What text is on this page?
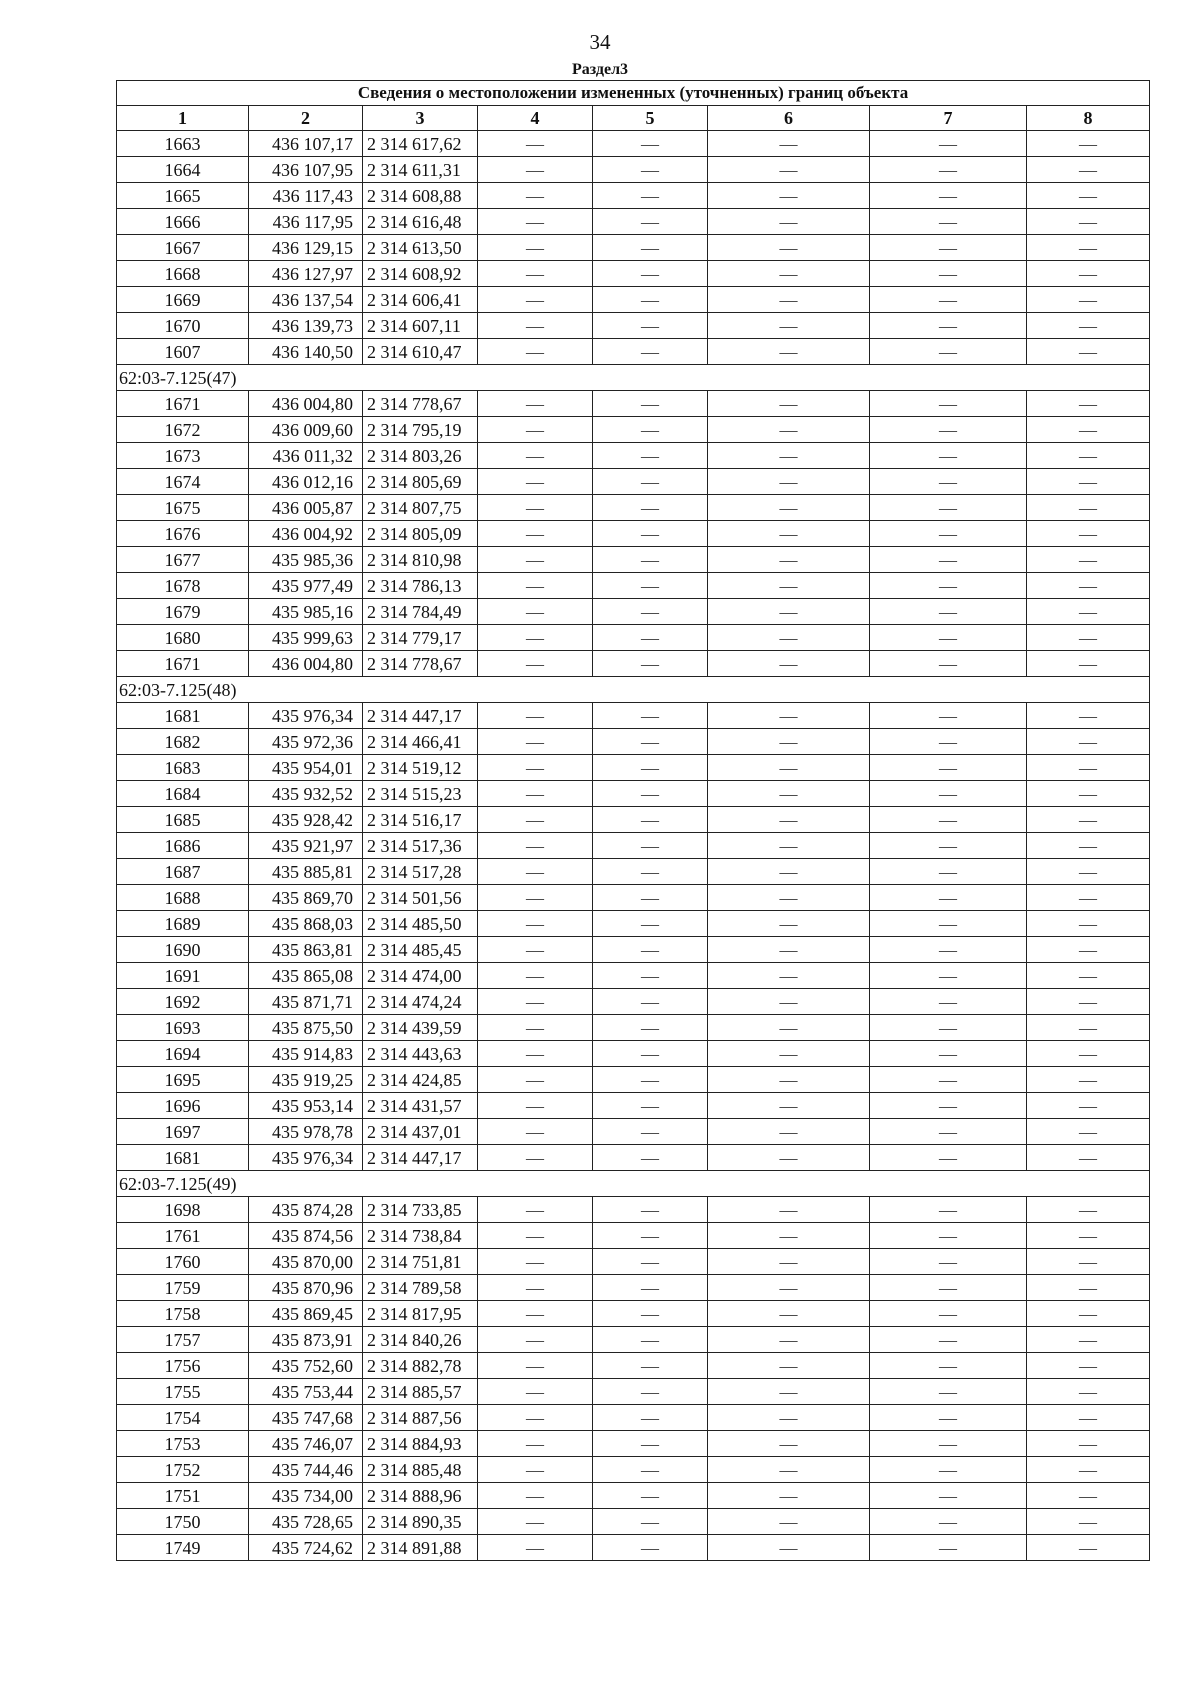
34
Раздел3
Сведения о местоположении измененных (уточненных) границ объекта							
1	2	3	4	5	6	7	8
1663	436 107,17	2 314 617,62	—	—	—	—	—
1664	436 107,95	2 314 611,31	—	—	—	—	—
1665	436 117,43	2 314 608,88	—	—	—	—	—
1666	436 117,95	2 314 616,48	—	—	—	—	—
1667	436 129,15	2 314 613,50	—	—	—	—	—
1668	436 127,97	2 314 608,92	—	—	—	—	—
1669	436 137,54	2 314 606,41	—	—	—	—	—
1670	436 139,73	2 314 607,11	—	—	—	—	—
1607	436 140,50	2 314 610,47	—	—	—	—	—
62:03-7.125(47)							
1671	436 004,80	2 314 778,67	—	—	—	—	—
1672	436 009,60	2 314 795,19	—	—	—	—	—
1673	436 011,32	2 314 803,26	—	—	—	—	—
1674	436 012,16	2 314 805,69	—	—	—	—	—
1675	436 005,87	2 314 807,75	—	—	—	—	—
1676	436 004,92	2 314 805,09	—	—	—	—	—
1677	435 985,36	2 314 810,98	—	—	—	—	—
1678	435 977,49	2 314 786,13	—	—	—	—	—
1679	435 985,16	2 314 784,49	—	—	—	—	—
1680	435 999,63	2 314 779,17	—	—	—	—	—
1671	436 004,80	2 314 778,67	—	—	—	—	—
62:03-7.125(48)							
1681	435 976,34	2 314 447,17	—	—	—	—	—
1682	435 972,36	2 314 466,41	—	—	—	—	—
1683	435 954,01	2 314 519,12	—	—	—	—	—
1684	435 932,52	2 314 515,23	—	—	—	—	—
1685	435 928,42	2 314 516,17	—	—	—	—	—
1686	435 921,97	2 314 517,36	—	—	—	—	—
1687	435 885,81	2 314 517,28	—	—	—	—	—
1688	435 869,70	2 314 501,56	—	—	—	—	—
1689	435 868,03	2 314 485,50	—	—	—	—	—
1690	435 863,81	2 314 485,45	—	—	—	—	—
1691	435 865,08	2 314 474,00	—	—	—	—	—
1692	435 871,71	2 314 474,24	—	—	—	—	—
1693	435 875,50	2 314 439,59	—	—	—	—	—
1694	435 914,83	2 314 443,63	—	—	—	—	—
1695	435 919,25	2 314 424,85	—	—	—	—	—
1696	435 953,14	2 314 431,57	—	—	—	—	—
1697	435 978,78	2 314 437,01	—	—	—	—	—
1681	435 976,34	2 314 447,17	—	—	—	—	—
62:03-7.125(49)							
1698	435 874,28	2 314 733,85	—	—	—	—	—
1761	435 874,56	2 314 738,84	—	—	—	—	—
1760	435 870,00	2 314 751,81	—	—	—	—	—
1759	435 870,96	2 314 789,58	—	—	—	—	—
1758	435 869,45	2 314 817,95	—	—	—	—	—
1757	435 873,91	2 314 840,26	—	—	—	—	—
1756	435 752,60	2 314 882,78	—	—	—	—	—
1755	435 753,44	2 314 885,57	—	—	—	—	—
1754	435 747,68	2 314 887,56	—	—	—	—	—
1753	435 746,07	2 314 884,93	—	—	—	—	—
1752	435 744,46	2 314 885,48	—	—	—	—	—
1751	435 734,00	2 314 888,96	—	—	—	—	—
1750	435 728,65	2 314 890,35	—	—	—	—	—
1749	435 724,62	2 314 891,88	—	—	—	—	—
